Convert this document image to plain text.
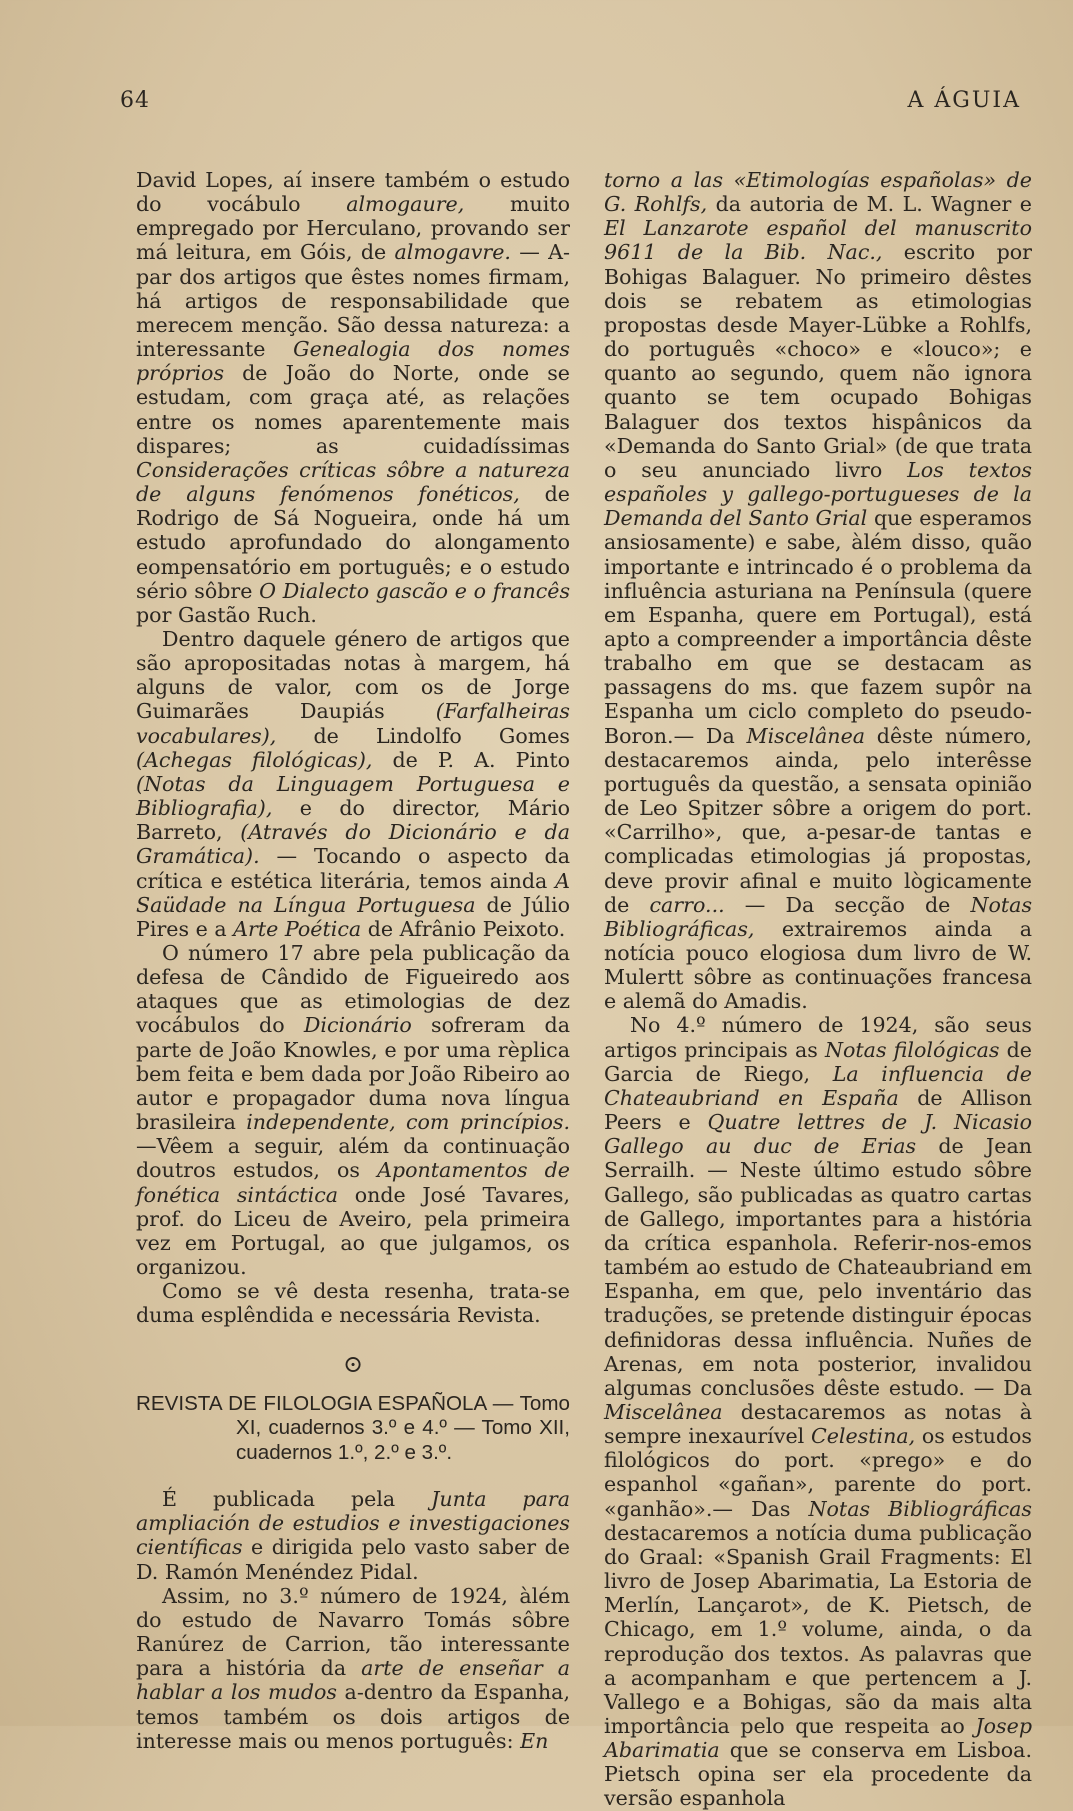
64	A ÁGUIA

David Lopes, aí insere também o estudo do vocábulo almogaure, muito empregado por Herculano, provando ser má leitura, em Góis, de almogavre. — A-par dos artigos que êstes nomes firmam, há artigos de responsabilidade que merecem menção. São dessa natureza: a interessante Genealogia dos nomes próprios de João do Norte, onde se estudam, com graça até, as relações entre os nomes aparentemente mais dispares; as cuidadíssimas Considerações críticas sôbre a natureza de alguns fenómenos fonéticos, de Rodrigo de Sá Nogueira, onde há um estudo aprofundado do alongamento eompensatório em português; e o estudo sério sôbre O Dialecto gascão e o francês por Gastão Ruch.

Dentro daquele género de artigos que são apropositadas notas à margem, há alguns de valor, com os de Jorge Guimarães Daupiás (Farfalheiras vocabulares), de Lindolfo Gomes (Achegas filológicas), de P. A. Pinto (Notas da Linguagem Portuguesa e Bibliografia), e do director, Mário Barreto, (Através do Dicionário e da Gramática). — Tocando o aspecto da crítica e estética literária, temos ainda A Saüdade na Língua Portuguesa de Júlio Pires e a Arte Poética de Afrânio Peixoto.

O número 17 abre pela publicação da defesa de Cândido de Figueiredo aos ataques que as etimologias de dez vocábulos do Dicionário sofreram da parte de João Knowles, e por uma rèplica bem feita e bem dada por João Ribeiro ao autor e propagador duma nova língua brasileira independente, com princípios.—Vêem a seguir, além da continuação doutros estudos, os Apontamentos de fonética sintáctica onde José Tavares, prof. do Liceu de Aveiro, pela primeira vez em Portugal, ao que julgamos, os organizou.

Como se vê desta resenha, trata-se duma esplêndida e necessária Revista.

⊙
REVISTA DE FILOLOGIA ESPAÑOLA — Tomo XI, cuadernos 3.º e 4.º — Tomo XII, cuadernos 1.º, 2.º e 3.º.

É publicada pela Junta para ampliación de estudios e investigaciones científicas e dirigida pelo vasto saber de D. Ramón Menéndez Pidal.

Assim, no 3.º número de 1924, àlém do estudo de Navarro Tomás sôbre Ranúrez de Carrion, tão interessante para a história da arte de enseñar a hablar a los mudos a-dentro da Espanha, temos também os dois artigos de interesse mais ou menos português: En

torno a las «Etimologías españolas» de G. Rohlfs, da autoria de M. L. Wagner e El Lanzarote español del manuscrito 9611 de la Bib. Nac., escrito por Bohigas Balaguer. No primeiro dêstes dois se rebatem as etimologias propostas desde Mayer-Lübke a Rohlfs, do português «choco» e «louco»; e quanto ao segundo, quem não ignora quanto se tem ocupado Bohigas Balaguer dos textos hispânicos da «Demanda do Santo Grial» (de que trata o seu anunciado livro Los textos españoles y gallego-portugueses de la Demanda del Santo Grial que esperamos ansiosamente) e sabe, àlém disso, quão importante e intrincado é o problema da influência asturiana na Península (quere em Espanha, quere em Portugal), está apto a compreender a importância dêste trabalho em que se destacam as passagens do ms. que fazem supôr na Espanha um ciclo completo do pseudo-Boron.— Da Miscelânea dêste número, destacaremos ainda, pelo interêsse português da questão, a sensata opinião de Leo Spitzer sôbre a origem do port. «Carrilho», que, a-pesar-de tantas e complicadas etimologias já propostas, deve provir afinal e muito lògicamente de carro... — Da secção de Notas Bibliográficas, extrairemos ainda a notícia pouco elogiosa dum livro de W. Mulertt sôbre as continuações francesa e alemã do Amadis.

No 4.º número de 1924, são seus artigos principais as Notas filológicas de Garcia de Riego, La influencia de Chateaubriand en España de Allison Peers e Quatre lettres de J. Nicasio Gallego au duc de Erias de Jean Serrailh. — Neste último estudo sôbre Gallego, são publicadas as quatro cartas de Gallego, importantes para a história da crítica espanhola. Referir-nos-emos também ao estudo de Chateaubriand em Espanha, em que, pelo inventário das traduções, se pretende distinguir épocas definidoras dessa influência. Nuñes de Arenas, em nota posterior, invalidou algumas conclusões dêste estudo. — Da Miscelânea destacaremos as notas à sempre inexaurível Celestina, os estudos filológicos do port. «prego» e do espanhol «gañan», parente do port. «ganhão».— Das Notas Bibliográficas destacaremos a notícia duma publicação do Graal: «Spanish Grail Fragments: El livro de Josep Abarimatia, La Estoria de Merlín, Lançarot», de K. Pietsch, de Chicago, em 1.º volume, ainda, o da reprodução dos textos. As palavras que a acompanham e que pertencem a J. Vallego e a Bohigas, são da mais alta importância pelo que respeita ao Josep Abarimatia que se conserva em Lisboa. Pietsch opina ser ela procedente da versão espanhola
